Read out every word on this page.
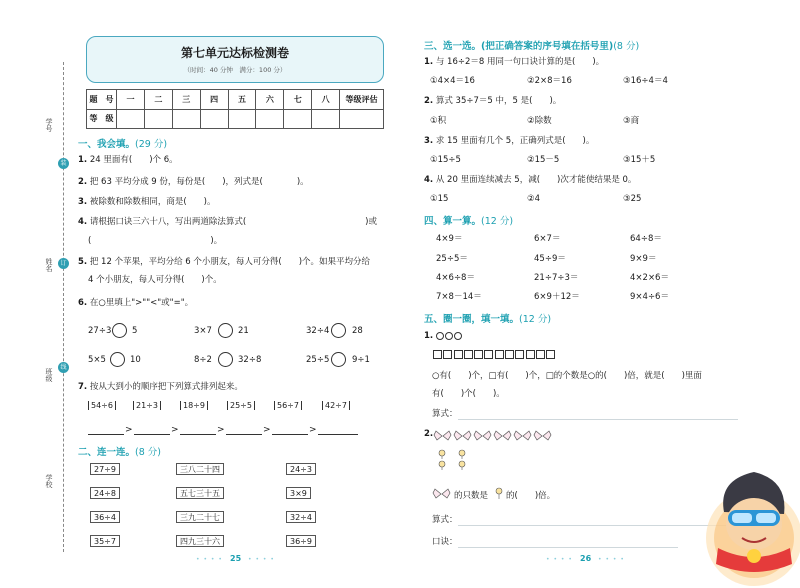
学号
姓名
班级
学校
装
订
线
第七单元达标检测卷
（时间：40 分钟　满分：100 分）
题　号	一	二	三	四	五	六	七	八	等级评估
等　级									
一、我会填。(29 分)
1. 24 里面有(　　)个 6。
2. 把 63 平均分成 9 份，每份是(　　)，列式是(　　　　)。
3. 被除数和除数相同，商是(　　)。
4. 请根据口诀三六十八，写出两道除法算式(　　　　　　　　　　　　　　)或
(　　　　　　　　　　　　　　)。
5. 把 12 个苹果，平均分给 6 个小朋友，每人可分得(　　)个。如果平均分给
4 个小朋友，每人可分得(　　)个。
6. 在○里填上">""<"或"="。
27÷3 5	3×7	21	32÷4	28
5×5	10	8÷2	32÷8	25÷5	9÷1
7. 按从大到小的顺序把下列算式排列起来。
54÷6	21÷3	18÷9	25÷5	56÷7	42÷7
>	>	>	>	>
二、连一连。(8 分)
27÷9
24÷8
36÷4
35÷7
三八二十四
五七三十五
三九二十七
四九三十六
24÷3
3×9
32÷4
36÷9
• • • • 25 • • • •
三、选一选。(把正确答案的序号填在括号里)(8 分)
1. 与 16÷2＝8 用同一句口诀计算的是(　　)。
①4×4＝16	②2×8＝16	③16÷4＝4
2. 算式 35÷7＝5 中，5 是(　　)。
①积	②除数	③商
3. 求 15 里面有几个 5，正确列式是(　　)。
①15÷5	②15－5	③15＋5
4. 从 20 里面连续减去 5，减(　　)次才能使结果是 0。
①15	②4	③25
四、算一算。(12 分)
4×9＝	6×7＝	64÷8＝
25÷5＝	45÷9＝	9×9＝
4×6÷8＝	21÷7÷3＝	4×2×6＝
7×8－14＝	6×9＋12＝	9×4÷6＝
五、圈一圈，填一填。(12 分)
1.
○有(　　)个，□有(　　)个，□的个数是○的(　　)倍，就是(　　)里面
有(　　)个(　　)。
算式：
2.
的只数是 的(　　)倍。
算式：
口诀：
• • • • 26 • • • •
